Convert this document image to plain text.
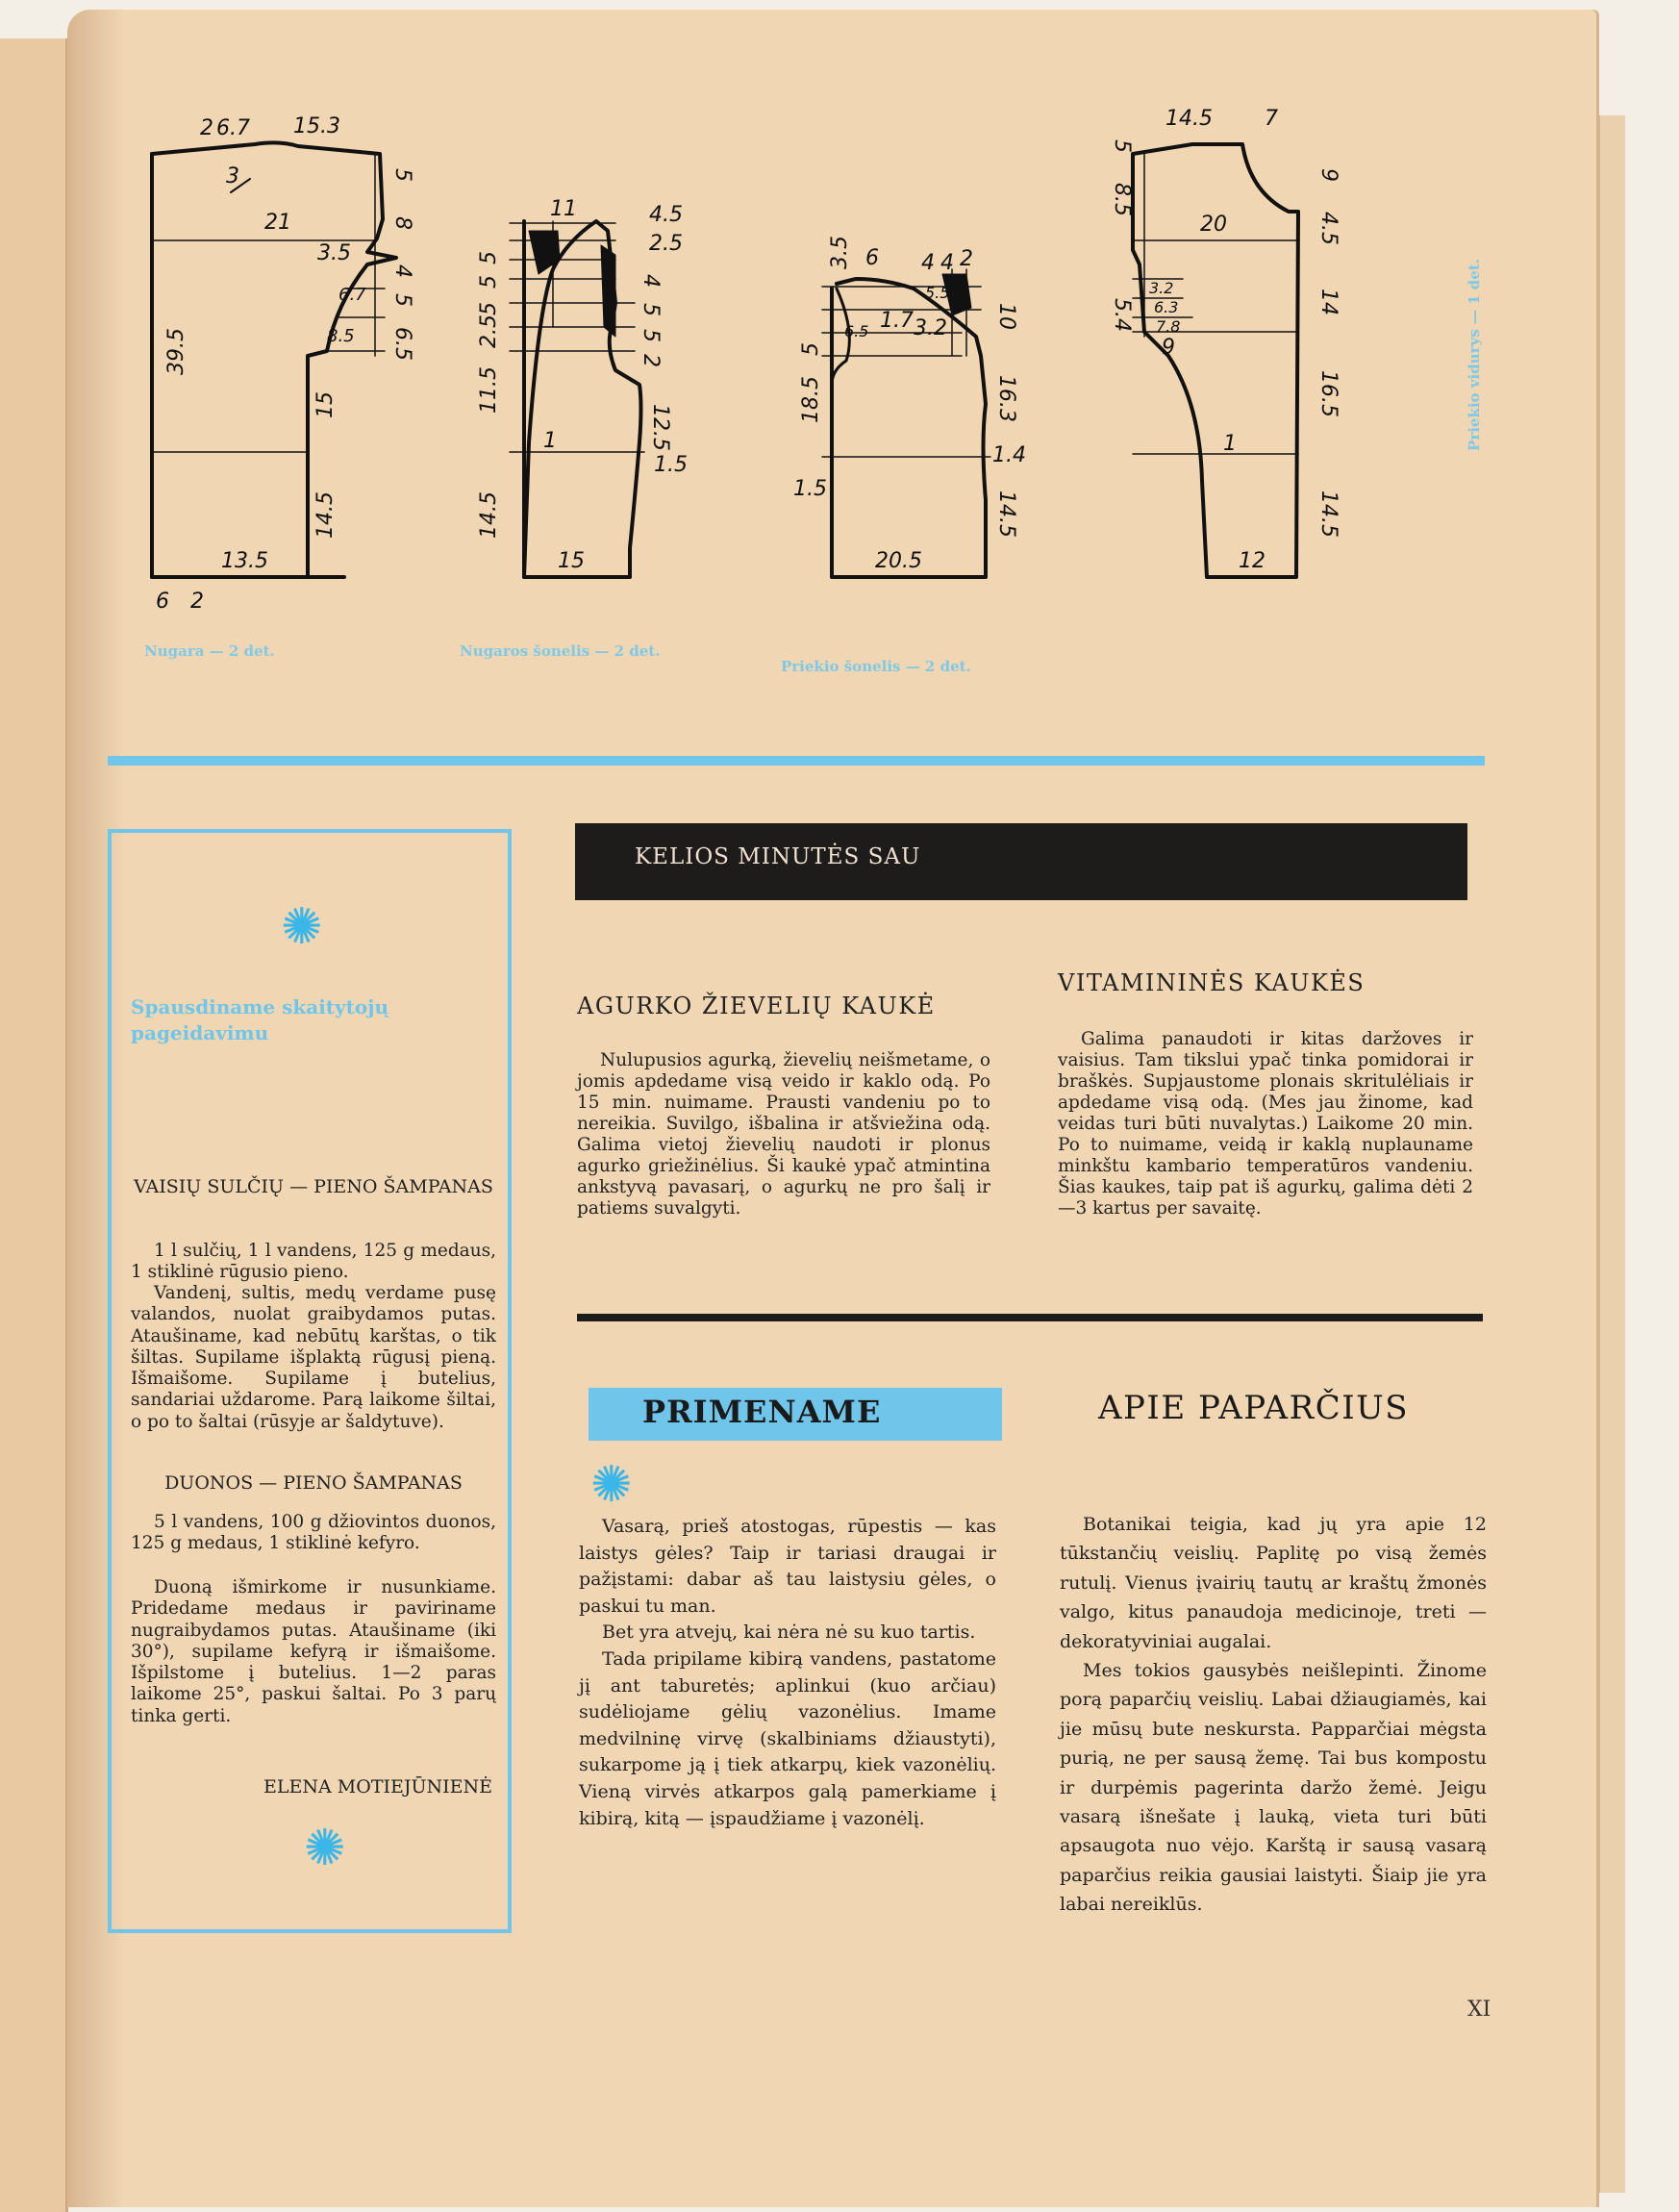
2 6.7 15.3
3
21
3.5
6.7
8.5
39.5
13.5
14.5
15
5
8
4
5
6.5
6 2
11	4.5
2.5
5
5
5
2.5
11.5
14.5
15
1
4
5
5
2
12.5
1.5
3.5 6 4 4 2
5.5
6.5 1.7 3.2 10
5
18.5
1.5
20.5
16.3
1.4
14.5
14.5 7
5
8.5
20	4.5
9
3.2
6.3
7.8
5.4
9
14
16.5
1
14.5
12
Nugara — 2 det.	Nugaros šonelis — 2 det.
Priekio šonelis — 2 det.
Priekio vidurys — 1 det.
✺
Spausdiname skaitytojų pageidavimu
VAISIŲ SULČIŲ — PIENO ŠAMPANAS
1 l sulčių, 1 l vandens, 125 g medaus, 1 stiklinė rūgusio pieno.
Vandenį, sultis, medų verdame pusę valandos, nuolat graibydamos putas. Ataušiname, kad nebūtų karštas, o tik šiltas. Supilame išplaktą rūgusį pieną. Išmaišome. Supilame į butelius, sandariai uždarome. Parą laikome šiltai, o po to šaltai (rūsyje ar šaldytuve).
DUONOS — PIENO ŠAMPANAS
5 l vandens, 100 g džiovintos duonos, 125 g medaus, 1 stiklinė kefyro.
Duoną išmirkome ir nusunkiame. Pridedame medaus ir paviriname nugraibydamos putas. Ataušiname (iki 30°), supilame kefyrą ir išmaišome. Išpilstome į butelius. 1—2 paras laikome 25°, paskui šaltai. Po 3 parų tinka gerti.
ELENA MOTIEJŪNIENĖ
✺
KELIOS MINUTĖS SAU
AGURKO ŽIEVELIŲ KAUKĖ

Nulupusios agurką, žievelių neišmetame, o jomis apdedame visą veido ir kaklo odą. Po 15 min. nuimame. Prausti vandeniu po to nereikia. Suvilgo, išbalina ir atšviežina odą. Galima vietoj žievelių naudoti ir plonus agurko griežinėlius. Ši kaukė ypač atmintina ankstyvą pavasarį, o agurkų ne pro šalį ir patiems suvalgyti.

VITAMININĖS KAUKĖS

Galima panaudoti ir kitas daržoves ir vaisius. Tam tikslui ypač tinka pomidorai ir braškės. Supjaustome plonais skritulėliais ir apdedame visą odą. (Mes jau žinome, kad veidas turi būti nuvalytas.) Laikome 20 min. Po to nuimame, veidą ir kaklą nuplauname minkštu kambario temperatūros vandeniu. Šias kaukes, taip pat iš agurkų, galima dėti 2—3 kartus per savaitę.

PRIMENAME
✺

Vasarą, prieš atostogas, rūpestis — kas laistys gėles? Taip ir tariasi draugai ir pažįstami: dabar aš tau laistysiu gėles, o paskui tu man.

Bet yra atvejų, kai nėra nė su kuo tartis.

Tada pripilame kibirą vandens, pastatome jį ant taburetės; aplinkui (kuo arčiau) sudėliojame gėlių vazonėlius. Imame medvilninę virvę (skalbiniams džiaustyti), sukarpome ją į tiek atkarpų, kiek vazonėlių. Vieną virvės atkarpos galą pamerkiame į kibirą, kitą — įspaudžiame į vazonėlį.

APIE PAPARČIUS

Botanikai teigia, kad jų yra apie 12 tūkstančių veislių. Paplitę po visą žemės rutulį. Vienus įvairių tautų ar kraštų žmonės valgo, kitus panaudoja medicinoje, treti — dekoratyviniai augalai.

Mes tokios gausybės neišlepinti. Žinome porą paparčių veislių. Labai džiaugiamės, kai jie mūsų bute neskursta. Papparčiai mėgsta purią, ne per sausą žemę. Tai bus kompostu ir durpėmis pagerinta daržo žemė. Jeigu vasarą išnešate į lauką, vieta turi būti apsaugota nuo vėjo. Karštą ir sausą vasarą paparčius reikia gausiai laistyti. Šiaip jie yra labai nereiklūs.

XI
